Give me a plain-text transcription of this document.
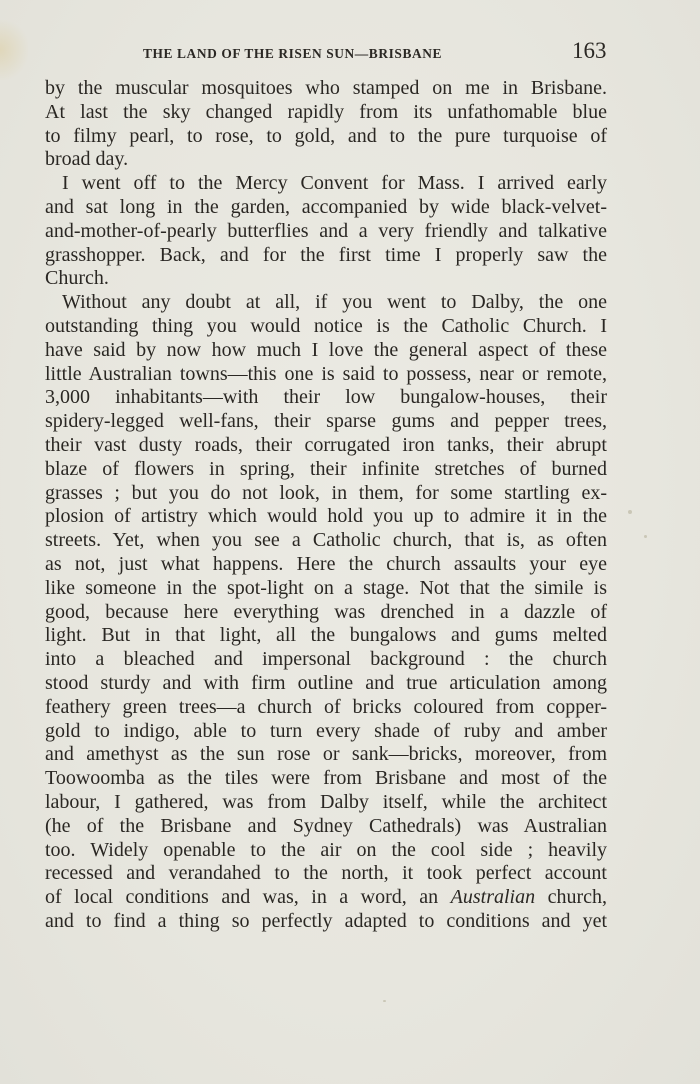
THE LAND OF THE RISEN SUN—BRISBANE	163
by the muscular mosquitoes who stamped on me in Brisbane.
At last the sky changed rapidly from its unfathomable blue
to filmy pearl, to rose, to gold, and to the pure turquoise of
broad day.
I went off to the Mercy Convent for Mass. I arrived early
and sat long in the garden, accompanied by wide black-velvet-
and-mother-of-pearly butterflies and a very friendly and talkative
grasshopper. Back, and for the first time I properly saw the
Church.
Without any doubt at all, if you went to Dalby, the one
outstanding thing you would notice is the Catholic Church. I
have said by now how much I love the general aspect of these
little Australian towns—this one is said to possess, near or remote,
3,000 inhabitants—with their low bungalow-houses, their
spidery-legged well-fans, their sparse gums and pepper trees,
their vast dusty roads, their corrugated iron tanks, their abrupt
blaze of flowers in spring, their infinite stretches of burned
grasses ; but you do not look, in them, for some startling ex-
plosion of artistry which would hold you up to admire it in the
streets. Yet, when you see a Catholic church, that is, as often
as not, just what happens. Here the church assaults your eye
like someone in the spot-light on a stage. Not that the simile is
good, because here everything was drenched in a dazzle of
light. But in that light, all the bungalows and gums melted
into a bleached and impersonal background : the church
stood sturdy and with firm outline and true articulation among
feathery green trees—a church of bricks coloured from copper-
gold to indigo, able to turn every shade of ruby and amber
and amethyst as the sun rose or sank—bricks, moreover, from
Toowoomba as the tiles were from Brisbane and most of the
labour, I gathered, was from Dalby itself, while the architect
(he of the Brisbane and Sydney Cathedrals) was Australian
too. Widely openable to the air on the cool side ; heavily
recessed and verandahed to the north, it took perfect account
of local conditions and was, in a word, an Australian church,
and to find a thing so perfectly adapted to conditions and yet
